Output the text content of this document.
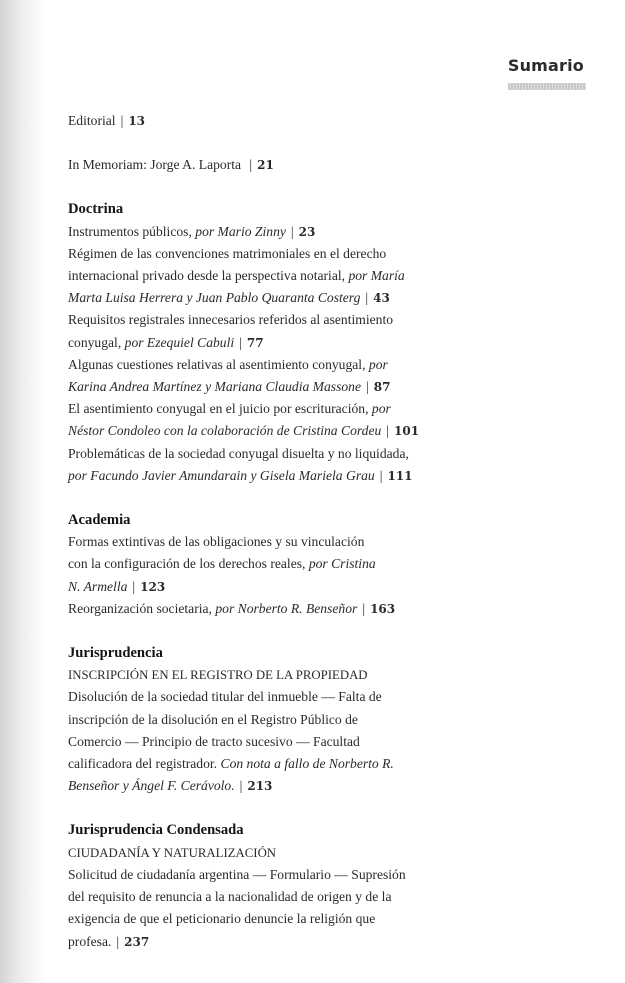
Sumario

Editorial | 13

In Memoriam: Jorge A. Laporta | 21

Doctrina

Instrumentos públicos, por Mario Zinny | 23

Régimen de las convenciones matrimoniales en el derecho
internacional privado desde la perspectiva notarial, por María
Marta Luisa Herrera y Juan Pablo Quaranta Costerg | 43

Requisitos registrales innecesarios referidos al asentimiento
conyugal, por Ezequiel Cabuli | 77

Algunas cuestiones relativas al asentimiento conyugal, por
Karina Andrea Martínez y Mariana Claudia Massone | 87

El asentimiento conyugal en el juicio por escrituración, por
Néstor Condoleo con la colaboración de Cristina Cordeu | 101

Problemáticas de la sociedad conyugal disuelta y no liquidada,
por Facundo Javier Amundarain y Gisela Mariela Grau | 111

Academia

Formas extintivas de las obligaciones y su vinculación
con la configuración de los derechos reales, por Cristina
N. Armella | 123

Reorganización societaria, por Norberto R. Benseñor | 163

Jurisprudencia

INSCRIPCIÓN EN EL REGISTRO DE LA PROPIEDAD
Disolución de la sociedad titular del inmueble — Falta de
inscripción de la disolución en el Registro Público de
Comercio — Principio de tracto sucesivo — Facultad
calificadora del registrador. Con nota a fallo de Norberto R.
Benseñor y Ángel F. Cerávolo. | 213

Jurisprudencia Condensada

CIUDADANÍA Y NATURALIZACIÓN
Solicitud de ciudadanía argentina — Formulario — Supresión
del requisito de renuncia a la nacionalidad de origen y de la
exigencia de que el peticionario denuncie la religión que
profesa. | 237
